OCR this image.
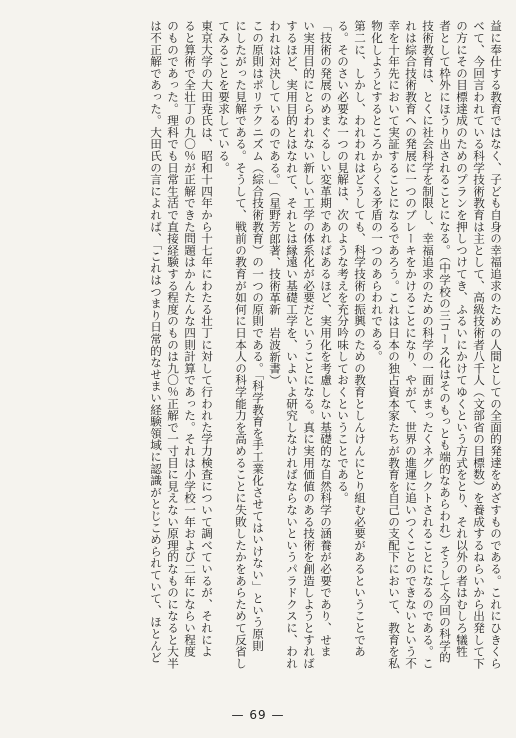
益に奉仕する教育ではなく、子ども自身の幸福追求のための人間としての全面的発達をめざすものである。これにひきくら
べて、今回言われている科学技術教育は主として、高級技術者八千人（文部省の目標数）を養成するねらいから出発して下
の方にその目標達成のためのプランを押しつけてき、ふるいにかけてゆくという方式をとり、それ以外の者はむしろ犠牲
者として枠外にほうり出されることになる。（中学校の三コース化はそのもっとも端的なあらわれ）そうして今回の科学的
技術教育は、とくに社会科学を制限し、幸福追求のための科学の一面がまったくネグレクトされることになるのである。こ
れは綜合技術教育への発展に一つのブレーキをかけることになり、やがて、世界の進運に追いつくことのできないという不
幸を十年先において実証することになるであろう。これは日本の独占資本家たちが教育を自己の支配下において、教育を私
物化しようとするところからくる矛盾の一つのあらわれである。
第二に、しかし、われわれはどうしても、科学技術の振興のための教育としんけんにとり組む必要があるということであ
る。そのさい必要な一つの見解は、次のような考えを充分吟味しておくということである。
「技術の発展のめまぐるしい変革期であればあるほど、実用化を考慮しない基礎的な自然科学の涵養が必要であり、せま
い実用目的にとらわれない新しい工学の体系化が必要だということになる。真に実用価値のある技術を創造しようとすれば
するほど、実用目的とはなれて、それとは縁遠い基礎工学を、いよいよ研究しなければならないというパラドクスに、われ
われは対決しているのである。」（星野芳郎著、技術革新　岩波新書）
この原則はポリテクニズム（綜合技術教育）の一つの原則である。「科学教育を手工業化させてはいけない」という原則
にしたがった見解である。そうして、戦前の教育が如何に日本人の科学能力を高めることに失敗したかをあらためて反省し
てみることを要求している。
東京大学の大田尭氏は、昭和十四年から十七年にわたる壮丁に対して行われた学力検査について調べているが、それによ
ると算術で全壮丁の九〇％が正解できた問題はかんたんな四則計算であった。それは小学校一年および二年にならい程度
のものであった。理科でも日常生活で直接経験する程度のものは九〇％正解で一寸目に見えない原理的なものになると大半
は不正解であった。大田氏の言によれば、「これはつまり日常的なせまい経験領域に認識がとじこめられていて、ほとんど
— 69 —
